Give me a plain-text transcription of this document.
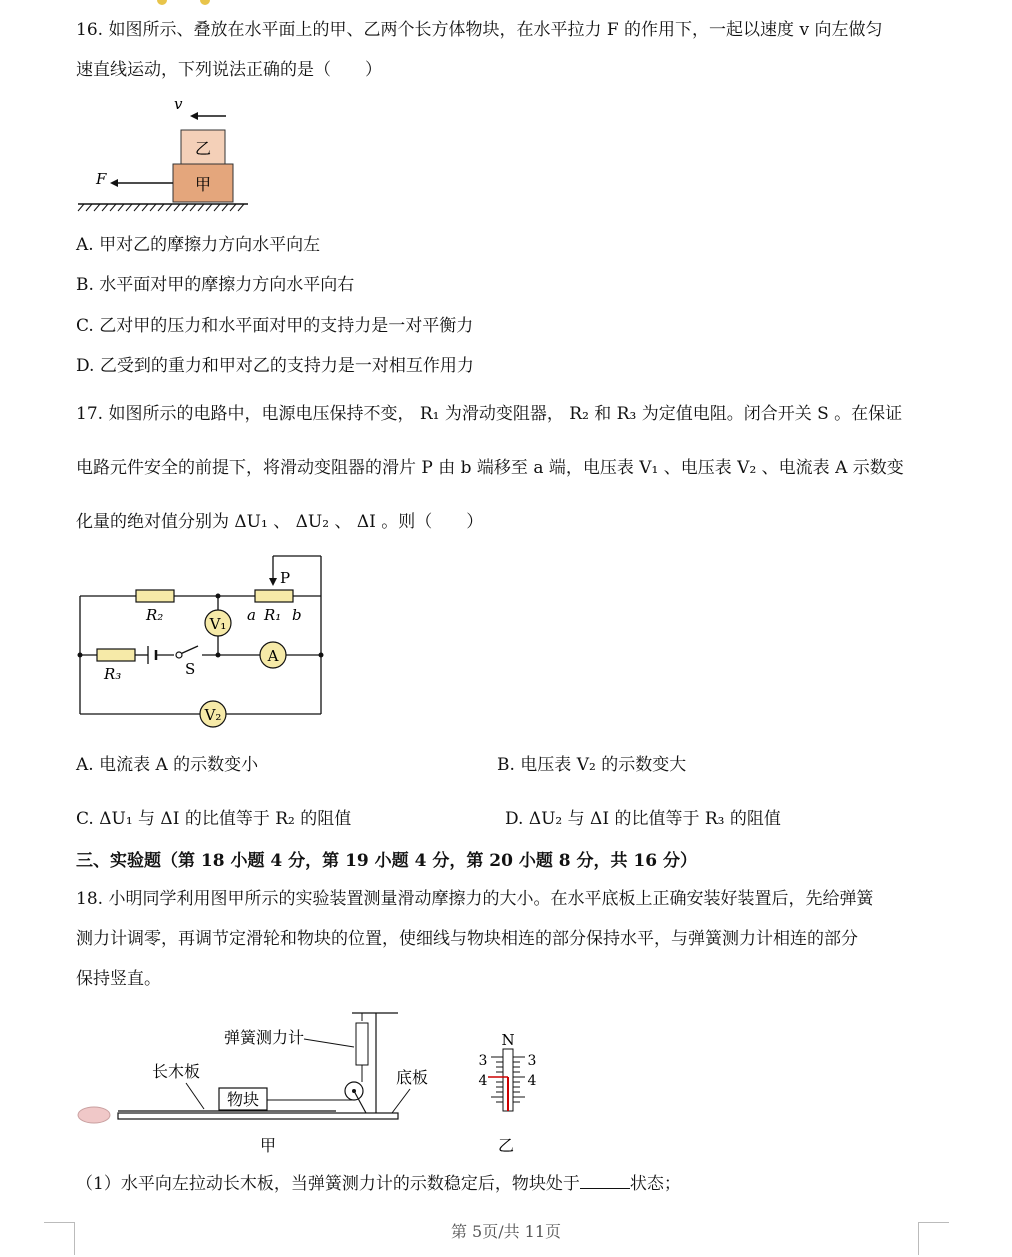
16. 如图所示、叠放在水平面上的甲、乙两个长方体物块，在水平拉力 F 的作用下，一起以速度 v 向左做匀
速直线运动，下列说法正确的是（　　）
v
乙
甲
F
A. 甲对乙的摩擦力方向水平向左
B. 水平面对甲的摩擦力方向水平向右
C. 乙对甲的压力和水平面对甲的支持力是一对平衡力
D. 乙受到的重力和甲对乙的支持力是一对相互作用力
17. 如图所示的电路中，电源电压保持不变， R₁ 为滑动变阻器， R₂ 和 R₃ 为定值电阻。闭合开关 S 。在保证
电路元件安全的前提下，将滑动变阻器的滑片 P 由 b 端移至 a 端，电压表 V₁ 、电压表 V₂ 、电流表 A 示数变
化量的绝对值分别为 ΔU₁ 、 ΔU₂ 、 ΔI 。则（　　）
V₁
A
V₂
P
R₂	a R₁ b
R₃	S
A. 电流表 A 的示数变小	B. 电压表 V₂ 的示数变大
C. ΔU₁ 与 ΔI 的比值等于 R₂ 的阻值	D. ΔU₂ 与 ΔI 的比值等于 R₃ 的阻值
三、实验题（第 18 小题 4 分，第 19 小题 4 分，第 20 小题 8 分，共 16 分）
18. 小明同学利用图甲所示的实验装置测量滑动摩擦力的大小。在水平底板上正确安装好装置后，先给弹簧
测力计调零，再调节定滑轮和物块的位置，使细线与物块相连的部分保持水平，与弹簧测力计相连的部分
保持竖直。
物块
弹簧测力计
长木板	底板
甲
N
3	3
4	4
乙
（1）水平向左拉动长木板，当弹簧测力计的示数稳定后，物块处于	状态；
第 5页/共 11页
